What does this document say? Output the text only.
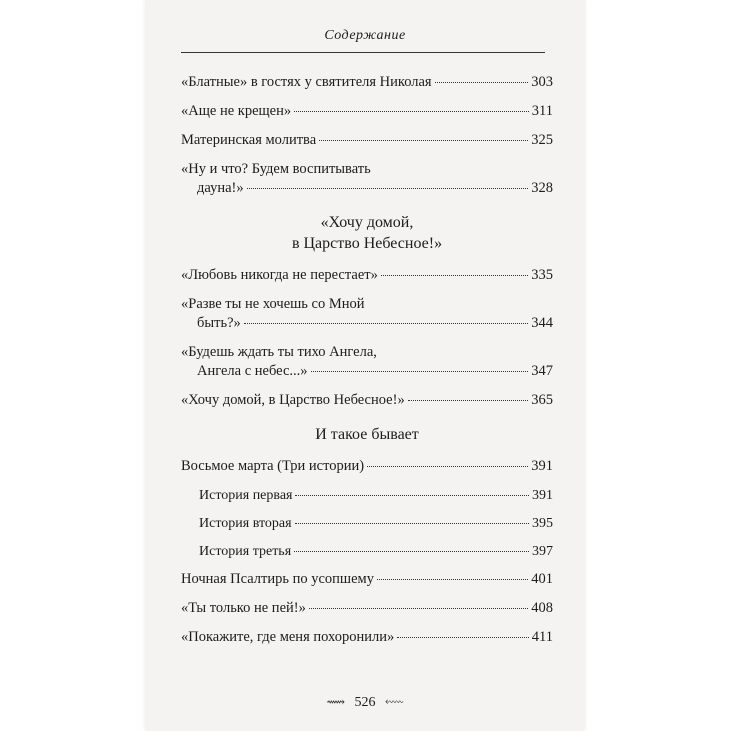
Содержание
«Блатные» в гостях у святителя Николая	303
«Аще не крещен»	311
Материнская молитва	325
«Ну и что? Будем воспитывать
дауна!»	328
«Хочу домой,
в Царство Небесное!»
«Любовь никогда не перестает»	335
«Разве ты не хочешь со Мной
быть?»	344
«Будешь ждать ты тихо Ангела,
Ангела с небес...»	347
«Хочу домой, в Царство Небесное!»	365
И такое бывает
Восьмое марта (Три истории)	391
История первая	391
История вторая	395
История третья	397
Ночная Псалтирь по усопшему	401
«Ты только не пей!»	408
«Покажите, где меня похоронили»	411
⟿ 526 ⬳
